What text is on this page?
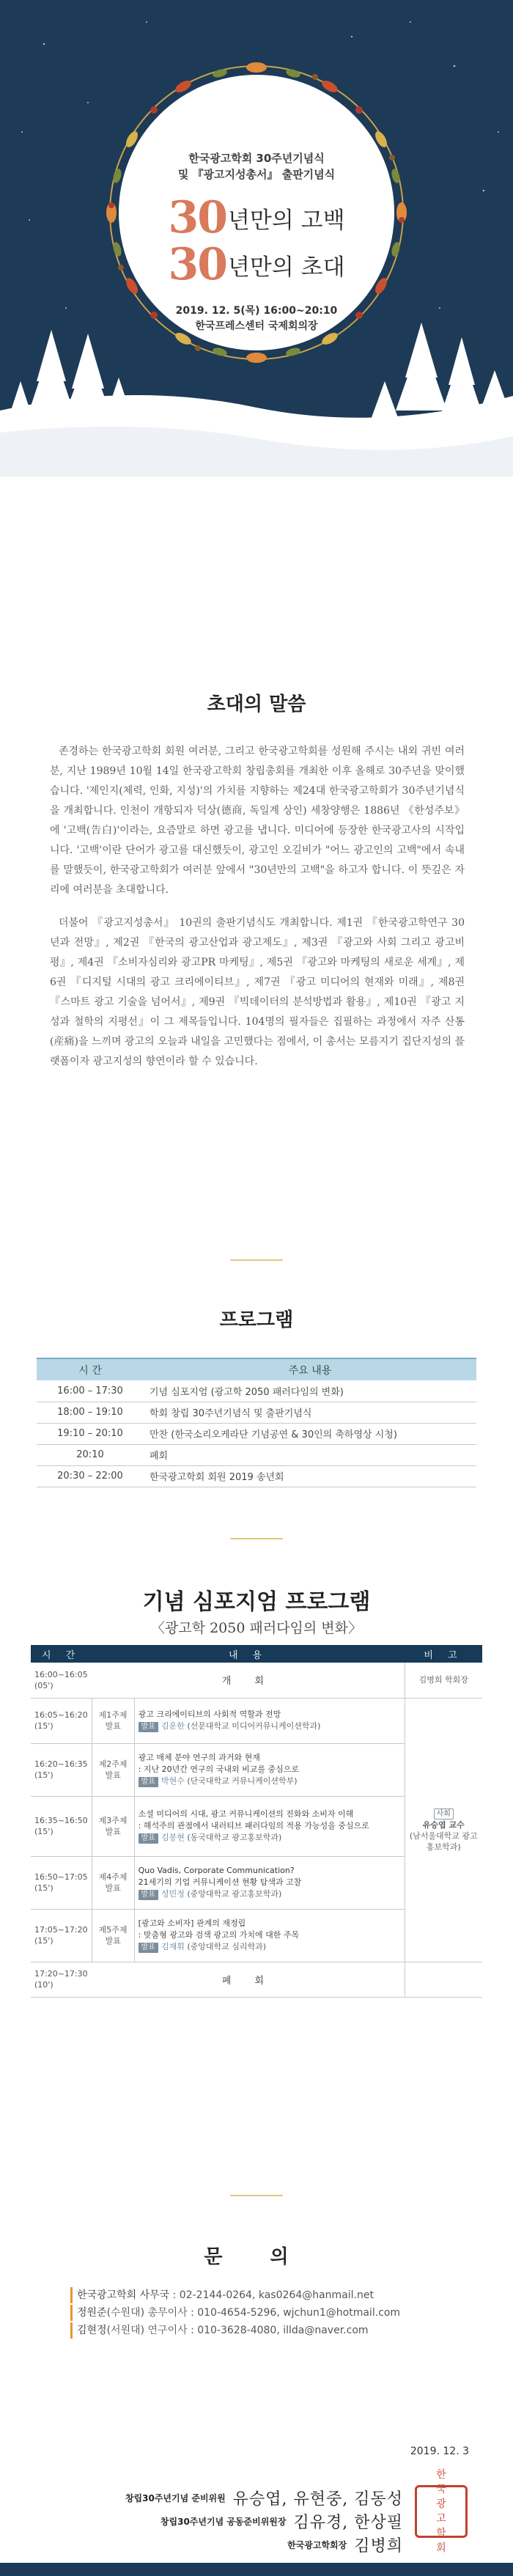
한국광고학회 30주년기념식
및 『광고지성총서』 출판기념식
30년만의 고백
30년만의 초대
2019. 12. 5(목) 16:00~20:10
한국프레스센터 국제회의장
초대의 말씀

존경하는 한국광고학회 회원 여러분, 그리고 한국광고학회를 성원해 주시는 내외 귀빈 여러분, 지난 1989년 10월 14일 한국광고학회 창립총회를 개최한 이후 올해로 30주년을 맞이했습니다. '제인지(체력, 인화, 지성)'의 가치를 지향하는 제24대 한국광고학회가 30주년기념식을 개최합니다. 인천이 개항되자 덕상(德商, 독일계 상인) 세창양행은 1886년 《한성주보》에 '고백(告白)'이라는, 요즘말로 하면 광고를 냅니다. 미디어에 등장한 한국광고사의 시작입니다. '고백'이란 단어가 광고를 대신했듯이, 광고인 오길비가 "어느 광고인의 고백"에서 속내를 말했듯이, 한국광고학회가 여러분 앞에서 "30년만의 고백"을 하고자 합니다. 이 뜻깊은 자리에 여러분을 초대합니다.

더불어 『광고지성총서』 10권의 출판기념식도 개최합니다. 제1권 『한국광고학연구 30년과 전망』, 제2권 『한국의 광고산업과 광고제도』, 제3권 『광고와 사회 그리고 광고비평』, 제4권 『소비자심리와 광고PR 마케팅』, 제5권 『광고와 마케팅의 새로운 세계』, 제6권 『디지털 시대의 광고 크리에이티브』, 제7권 『광고 미디어의 현재와 미래』, 제8권 『스마트 광고 기술을 넘어서』, 제9권 『빅데이터의 분석방법과 활용』, 제10권 『광고 지성과 철학의 지평선』이 그 제목들입니다. 104명의 필자들은 집필하는 과정에서 자주 산통(産痛)을 느끼며 광고의 오늘과 내일을 고민했다는 점에서, 이 총서는 모름지기 집단지성의 플랫폼이자 광고지성의 향연이라 할 수 있습니다.

프로그램
시 간	주요 내용
16:00 – 17:30	기념 심포지엄 (광고학 2050 패러다임의 변화)
18:00 – 19:10	학회 창립 30주년기념식 및 출판기념식
19:10 – 20:10	만찬 (한국소리오케라단 기념공연 & 30인의 축하영상 시청)
20:10	폐회
20:30 – 22:00	한국광고학회 회원 2019 송년회
기념 심포지엄 프로그램
〈광고학 2050 패러다임의 변화〉
시 간	내 용		비 고
16:00~16:05
(05')	개 회		김병희 학회장
16:05~16:20
(15')	제1주제 발표	광고 크리에이티브의 사회적 역할과 전망
발표 김운한 (선문대학교 미디어커뮤니케이션학과)	사회
유승엽 교수
(남서울대학교 광고홍보학과)
16:20~16:35
(15')	제2주제 발표	광고 매체 분야 연구의 과거와 현재
: 지난 20년간 연구의 국내외 비교를 중심으로
발표 박현수 (단국대학교 커뮤니케이션학부)	
16:35~16:50
(15')	제3주제 발표	소셜 미디어의 시대, 광고 커뮤니케이션의 진화와 소비자 이해
: 해석주의 관점에서 내러티브 패러다임의 적용 가능성을 중심으로
발표 김봉현 (동국대학교 광고홍보학과)	
16:50~17:05
(15')	제4주제 발표	Quo Vadis, Corporate Communication?
21세기의 기업 커뮤니케이션 현황 탐색과 고찰
발표 성민정 (중앙대학교 광고홍보학과)	
17:05~17:20
(15')	제5주제 발표	[광고와 소비자] 관계의 재정립
: 맞춤형 광고와 검색 광고의 가치에 대한 주목
발표 김재휘 (중앙대학교 심리학과)	
17:20~17:30
(10')	폐 회		
문 의
한국광고학회 사무국 : 02-2144-0264, kas0264@hanmail.net
정원준(수원대) 총무이사 : 010-4654-5296, wjchun1@hotmail.com
김현정(서원대) 연구이사 : 010-3628-4080, illda@naver.com
2019. 12. 3
창립30주년기념 준비위원 유승엽, 유현중, 김동성
창립30주년기념 공동준비위원장 김유경, 한상필
한국광고학회장 김병희
한
국
광
고
학
회
